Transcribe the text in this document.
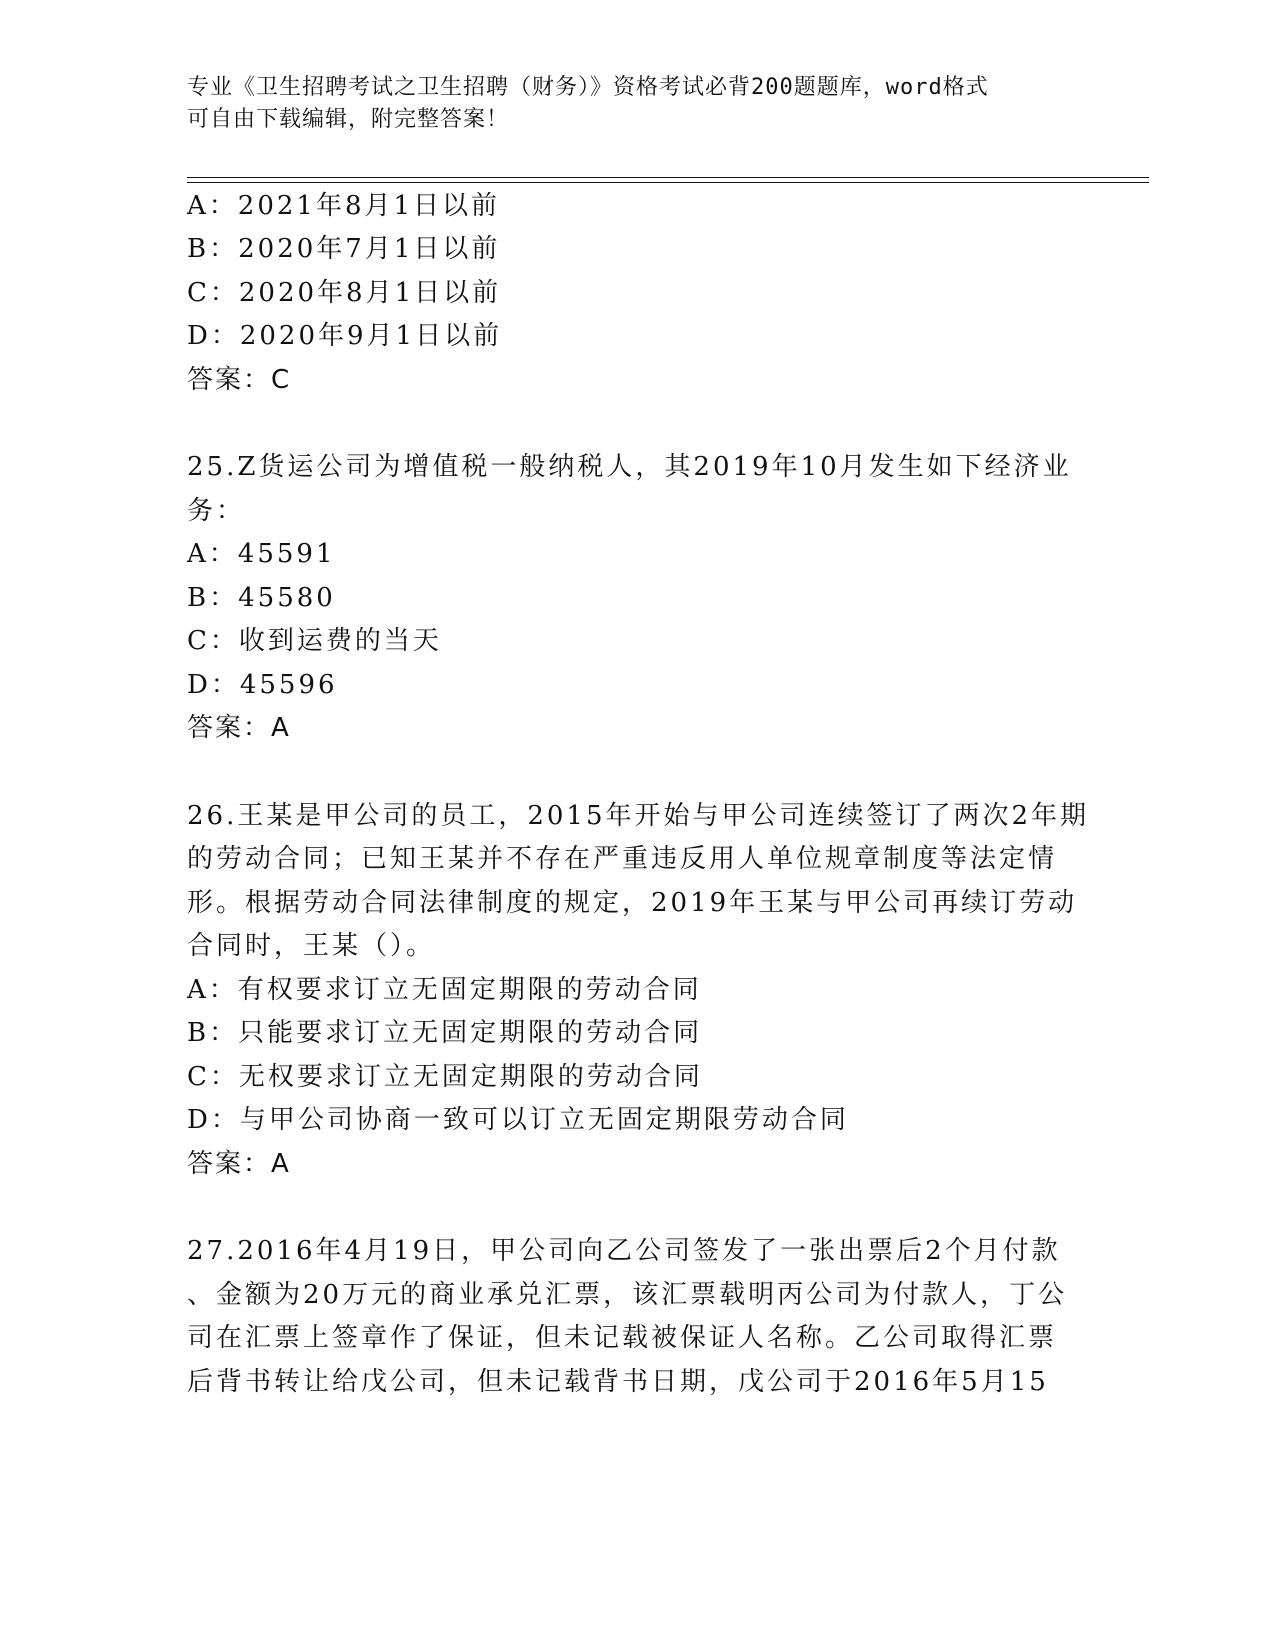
专业《卫生招聘考试之卫生招聘（财务）》资格考试必背200题题库，word格式
可自由下载编辑，附完整答案！
A：2021年8月1日以前
B：2020年7月1日以前
C：2020年8月1日以前
D：2020年9月1日以前
答案：C
25.Z货运公司为增值税一般纳税人，其2019年10月发生如下经济业
务：
A：45591
B：45580
C：收到运费的当天
D：45596
答案：A
26.王某是甲公司的员工，2015年开始与甲公司连续签订了两次2年期
的劳动合同；已知王某并不存在严重违反用人单位规章制度等法定情
形。根据劳动合同法律制度的规定，2019年王某与甲公司再续订劳动
合同时，王某（）。
A：有权要求订立无固定期限的劳动合同
B：只能要求订立无固定期限的劳动合同
C：无权要求订立无固定期限的劳动合同
D：与甲公司协商一致可以订立无固定期限劳动合同
答案：A
27.2016年4月19日，甲公司向乙公司签发了一张出票后2个月付款
、金额为20万元的商业承兑汇票，该汇票载明丙公司为付款人，丁公
司在汇票上签章作了保证，但未记载被保证人名称。乙公司取得汇票
后背书转让给戊公司，但未记载背书日期，戊公司于2016年5月15
